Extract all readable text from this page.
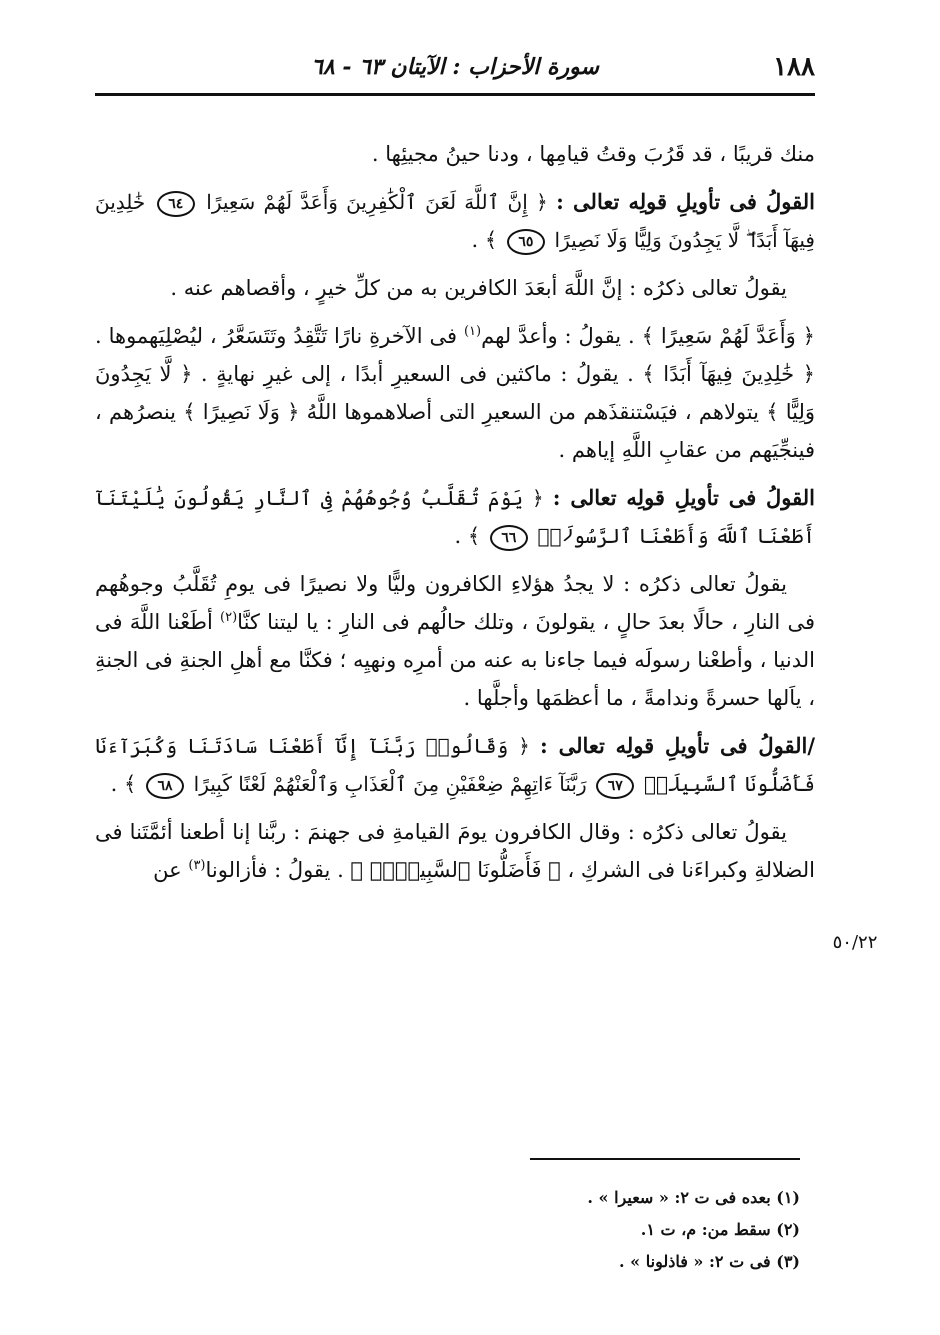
١٨٨
سورة الأحزاب : الآيتان ٦٣ - ٦٨

منك قريبًا ، قد قَرُبَ وقتُ قيامِها ، ودنا حينُ مجيئِها .

القولُ فى تأويلِ قولِه تعالى : ﴿ إِنَّ ٱللَّهَ لَعَنَ ٱلْكَٰفِرِينَ وَأَعَدَّ لَهُمْ سَعِيرًا ٦٤ خَٰلِدِينَ فِيهَآ أَبَدًا ۖ لَّا يَجِدُونَ وَلِيًّا وَلَا نَصِيرًا ٦٥ ﴾ .

يقولُ تعالى ذكرُه : إنَّ اللَّهَ أبعَدَ الكافرين به من كلِّ خيرٍ ، وأقصاهم عنه .

﴿ وَأَعَدَّ لَهُمْ سَعِيرًا ﴾ . يقولُ : وأعدَّ لهم$^{(١)}$ فى الآخرةِ نارًا تَتَّقِدُ وتَتَسَعَّرُ ، ليُصْلِيَهموها . ﴿ خَٰلِدِينَ فِيهَآ أَبَدًا ﴾ . يقولُ : ماكثين فى السعيرِ أبدًا ، إلى غيرِ نهايةٍ . ﴿ لَّا يَجِدُونَ وَلِيًّا ﴾ يتولاهم ، فيَسْتنقذَهم من السعيرِ التى أصلاهموها اللَّهُ ﴿ وَلَا نَصِيرًا ﴾ ينصرُهم ، فينجِّيَهم من عقابِ اللَّهِ إياهم .

القولُ فى تأويلِ قولِه تعالى : ﴿ يَوْمَ تُقَلَّبُ وُجُوهُهُمْ فِى ٱلنَّارِ يَقُولُونَ يَٰلَيْتَنَآ أَطَعْنَا ٱللَّهَ وَأَطَعْنَا ٱلرَّسُولَا۠ ٦٦ ﴾ .

يقولُ تعالى ذكرُه : لا يجدُ هؤلاءِ الكافرون وليًّا ولا نصيرًا فى يومِ تُقَلَّبُ وجوهُهم فى النارِ ، حالًا بعدَ حالٍ ، يقولونَ ، وتلك حالُهم فى النارِ : يا ليتنا كنَّا$^{(٢)}$ أطَعْنا اللَّهَ فى الدنيا ، وأطعْنا رسولَه فيما جاءنا به عنه من أمرِه ونهيِه ؛ فكنَّا مع أهلِ الجنةِ فى الجنةِ ، ياَلها حسرةً وندامةً ، ما أعظمَها وأجلَّها .

/القولُ فى تأويلِ قولِه تعالى : ﴿ وَقَالُوا۟ رَبَّنَآ إِنَّآ أَطَعْنَا سَادَتَنَا وَكُبَرَآءَنَا فَأَضَلُّونَا ٱلسَّبِيلَا۠ ٦٧ رَبَّنَآ ءَاتِهِمْ ضِعْفَيْنِ مِنَ ٱلْعَذَابِ وَٱلْعَنْهُمْ لَعْنًا كَبِيرًا ٦٨ ﴾ .

يقولُ تعالى ذكرُه : وقال الكافرون يومَ القيامةِ فى جهنمَ : ربَّنا إنا أطعنا أئمَّتَنا فى الضلالةِ وكبراءَنا فى الشركِ ، ﴿ فَأَضَلُّونَا ٱلسَّبِيلَا۠ ﴾ . يقولُ : فأزالونا$^{(٣)}$ عن

٥٠/٢٢

(١) بعده فى ت ٢: « سعيرا » .

(٢) سقط من: م، ت ١.

(٣) فى ت ٢: « فاذلونا » .
